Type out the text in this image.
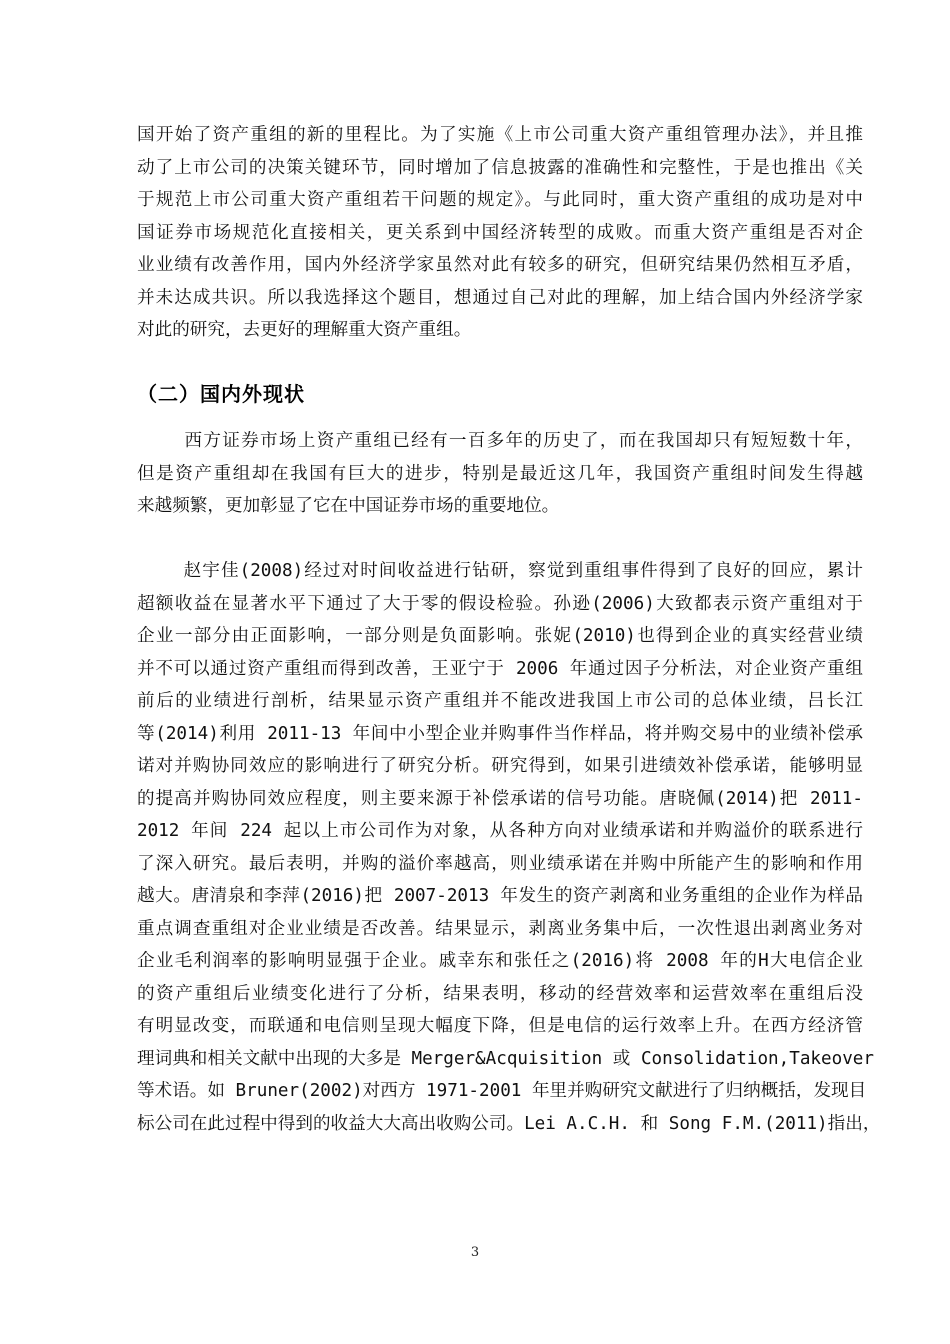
国开始了资产重组的新的里程比。为了实施《上市公司重大资产重组管理办法》，并且推
动了上市公司的决策关键环节，同时增加了信息披露的准确性和完整性，于是也推出《关
于规范上市公司重大资产重组若干问题的规定》。与此同时，重大资产重组的成功是对中
国证券市场规范化直接相关，更关系到中国经济转型的成败。而重大资产重组是否对企
业业绩有改善作用，国内外经济学家虽然对此有较多的研究，但研究结果仍然相互矛盾，
并未达成共识。所以我选择这个题目，想通过自己对此的理解，加上结合国内外经济学家
对此的研究，去更好的理解重大资产重组。
（二）国内外现状
西方证券市场上资产重组已经有一百多年的历史了，而在我国却只有短短数十年，
但是资产重组却在我国有巨大的进步，特别是最近这几年，我国资产重组时间发生得越
来越频繁，更加彰显了它在中国证券市场的重要地位。
赵宇佳(2008)经过对时间收益进行钻研，察觉到重组事件得到了良好的回应，累计
超额收益在显著水平下通过了大于零的假设检验。孙逊(2006)大致都表示资产重组对于
企业一部分由正面影响，一部分则是负面影响。张妮(2010)也得到企业的真实经营业绩
并不可以通过资产重组而得到改善，王亚宁于 2006 年通过因子分析法，对企业资产重组
前后的业绩进行剖析，结果显示资产重组并不能改进我国上市公司的总体业绩，吕长江
等(2014)利用 2011-13 年间中小型企业并购事件当作样品，将并购交易中的业绩补偿承
诺对并购协同效应的影响进行了研究分析。研究得到，如果引进绩效补偿承诺，能够明显
的提高并购协同效应程度，则主要来源于补偿承诺的信号功能。唐晓佩(2014)把 2011-
2012 年间 224 起以上市公司作为对象，从各种方向对业绩承诺和并购溢价的联系进行
了深入研究。最后表明，并购的溢价率越高，则业绩承诺在并购中所能产生的影响和作用
越大。唐清泉和李萍(2016)把 2007-2013 年发生的资产剥离和业务重组的企业作为样品
重点调查重组对企业业绩是否改善。结果显示，剥离业务集中后，一次性退出剥离业务对
企业毛利润率的影响明显强于企业。戚幸东和张任之(2016)将 2008 年的H大电信企业
的资产重组后业绩变化进行了分析，结果表明，移动的经营效率和运营效率在重组后没
有明显改变，而联通和电信则呈现大幅度下降，但是电信的运行效率上升。在西方经济管
理词典和相关文献中出现的大多是 Merger&Acquisition 或 Consolidation,Takeover
等术语。如 Bruner(2002)对西方 1971-2001 年里并购研究文献进行了归纳概括，发现目
标公司在此过程中得到的收益大大高出收购公司。Lei A.C.H. 和 Song F.M.(2011)指出，
3
